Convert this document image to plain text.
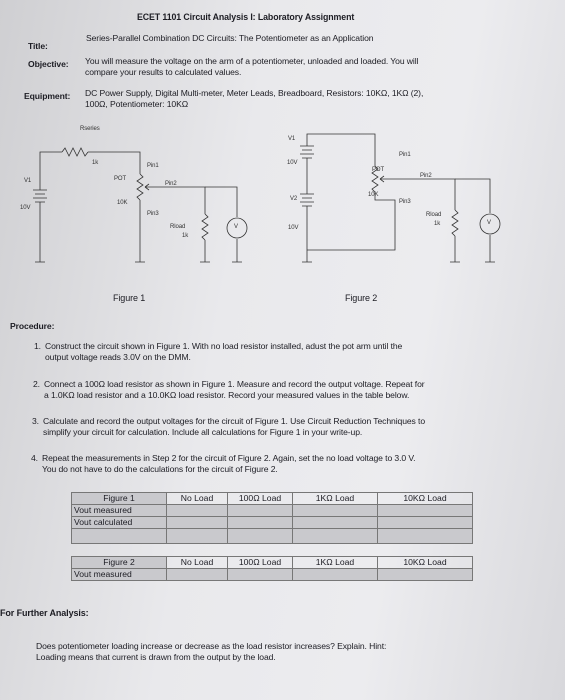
ECET 1101 Circuit Analysis I: Laboratory Assignment
Title:
Series-Parallel Combination DC Circuits: The Potentiometer as an Application
Objective: You will measure the voltage on the arm of a potentiometer, unloaded and loaded. You will
compare your results to calculated values.
Equipment: DC Power Supply, Digital Multi-meter, Meter Leads, Breadboard, Resistors: 10KΩ, 1KΩ (2),
100Ω, Potentiometer: 10KΩ
Rseries
1k
V1
10V
POT
10K
Pin1
Pin2
Pin3
Rload
1k
V
Figure 1
V1
10V
V2
10V
POT
10K
Pin1
Pin2
Pin3
Rload
1k	V
Figure 2
Procedure:
1. Construct the circuit shown in Figure 1. With no load resistor installed, adust the pot arm until the
output voltage reads 3.0V on the DMM.
2. Connect a 100Ω load resistor as shown in Figure 1. Measure and record the output voltage. Repeat for
a 1.0KΩ load resistor and a 10.0KΩ load resistor. Record your measured values in the table below.
3. Calculate and record the output voltages for the circuit of Figure 1. Use Circuit Reduction Techniques to
simplify your circuit for calculation. Include all calculations for Figure 1 in your write-up.
4. Repeat the measurements in Step 2 for the circuit of Figure 2. Again, set the no load voltage to 3.0 V.
You do not have to do the calculations for the circuit of Figure 2.
Figure 1	No Load	100Ω Load	1KΩ Load	10KΩ Load
Vout measured				
Vout calculated				

Figure 2	No Load	100Ω Load	1KΩ Load	10KΩ Load
Vout measured				
For Further Analysis:
Does potentiometer loading increase or decrease as the load resistor increases? Explain. Hint:
Loading means that current is drawn from the output by the load.
